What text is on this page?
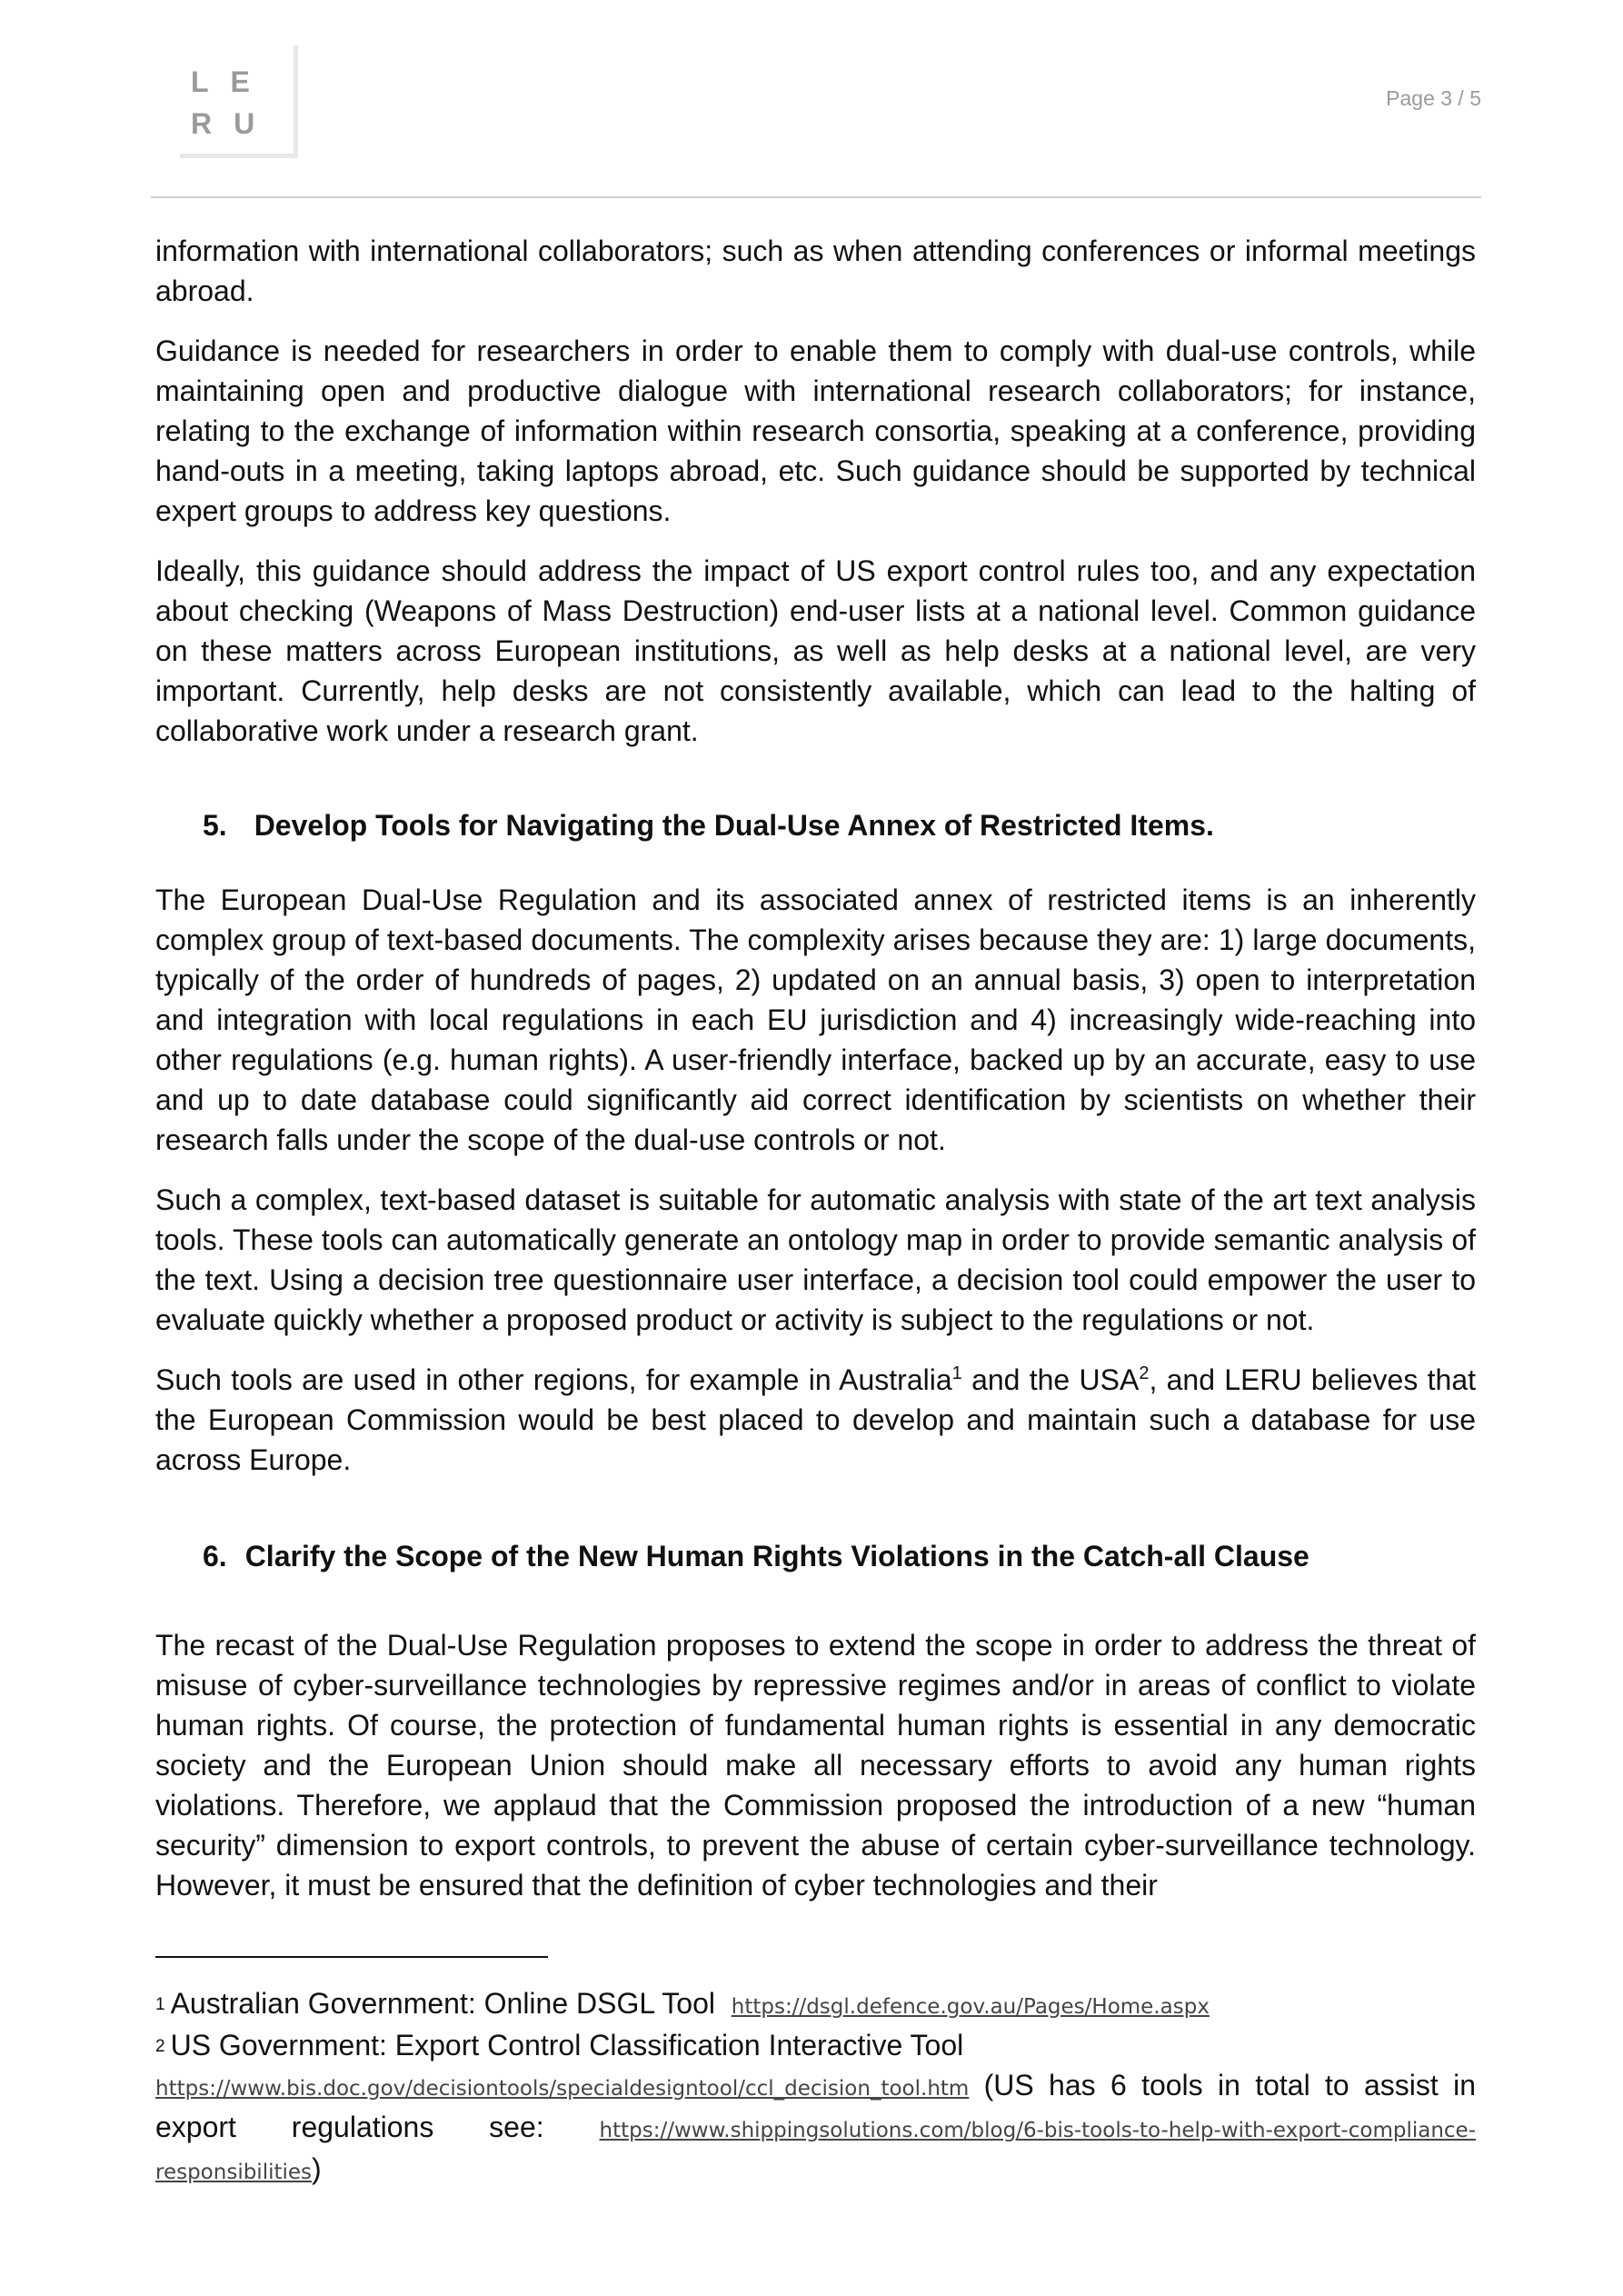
LE
RU
Page 3 / 5

information with international collaborators; such as when attending conferences or informal meetings abroad.

Guidance is needed for researchers in order to enable them to comply with dual-use controls, while maintaining open and productive dialogue with international research collaborators; for instance, relating to the exchange of information within research consortia, speaking at a conference, providing hand-outs in a meeting, taking laptops abroad, etc. Such guidance should be supported by technical expert groups to address key questions.

Ideally, this guidance should address the impact of US export control rules too, and any expectation about checking (Weapons of Mass Destruction) end-user lists at a national level. Common guidance on these matters across European institutions, as well as help desks at a national level, are very important. Currently, help desks are not consistently available, which can lead to the halting of collaborative work under a research grant.

5. Develop Tools for Navigating the Dual-Use Annex of Restricted Items.

The European Dual-Use Regulation and its associated annex of restricted items is an inherently complex group of text-based documents. The complexity arises because they are: 1) large documents, typically of the order of hundreds of pages, 2) updated on an annual basis, 3) open to interpretation and integration with local regulations in each EU jurisdiction and 4) increasingly wide-reaching into other regulations (e.g. human rights). A user-friendly interface, backed up by an accurate, easy to use and up to date database could significantly aid correct identification by scientists on whether their research falls under the scope of the dual-use controls or not.

Such a complex, text-based dataset is suitable for automatic analysis with state of the art text analysis tools. These tools can automatically generate an ontology map in order to provide semantic analysis of the text. Using a decision tree questionnaire user interface, a decision tool could empower the user to evaluate quickly whether a proposed product or activity is subject to the regulations or not.

Such tools are used in other regions, for example in Australia$^1$ and the USA$^2$, and LERU believes that the European Commission would be best placed to develop and maintain such a database for use across Europe.

6. Clarify the Scope of the New Human Rights Violations in the Catch-all Clause

The recast of the Dual-Use Regulation proposes to extend the scope in order to address the threat of misuse of cyber-surveillance technologies by repressive regimes and/or in areas of conflict to violate human rights. Of course, the protection of fundamental human rights is essential in any democratic society and the European Union should make all necessary efforts to avoid any human rights violations. Therefore, we applaud that the Commission proposed the introduction of a new “human security” dimension to export controls, to prevent the abuse of certain cyber-surveillance technology. However, it must be ensured that the definition of cyber technologies and their

1 Australian Government: Online DSGL Tool https://dsgl.defence.gov.au/Pages/Home.aspx

2 US Government: Export Control Classification Interactive Tool
https://www.bis.doc.gov/decisiontools/specialdesigntool/ccl_decision_tool.htm (US has 6 tools in total to assist in export regulations see: https://www.shippingsolutions.com/blog/6-bis-tools-to-help-with-export-compliance-responsibilities)
